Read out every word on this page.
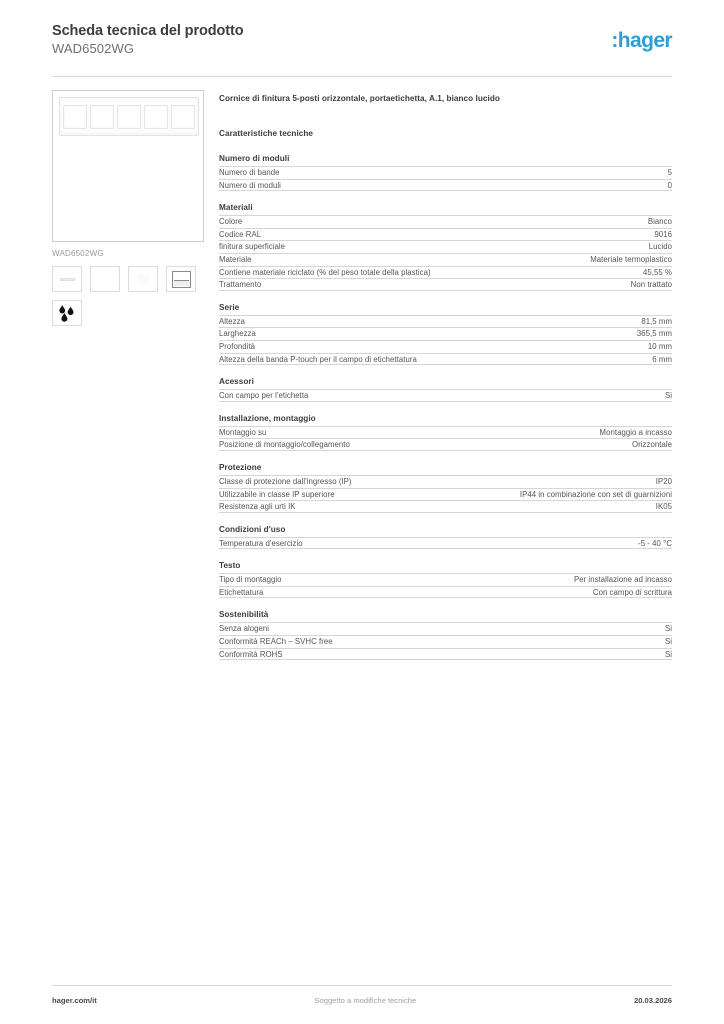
Scheda tecnica del prodotto
WAD6502WG	:hager
WAD6502WG
Cornice di finitura 5-posti orizzontale, portaetichetta, A.1, bianco lucido
Caratteristiche tecniche
Numero di moduli
Numero di bande	5
Numero di moduli	0
Materiali
Colore	Bianco
Codice RAL	9016
finitura superficiale	Lucido
Materiale	Materiale termoplastico
Contiene materiale riciclato (% del peso totale della plastica)	45,55 %
Trattamento	Non trattato
Serie
Altezza	81,5 mm
Larghezza	365,5 mm
Profondità	10 mm
Altezza della banda P-touch per il campo di etichettatura	6 mm
Acessori
Con campo per l'etichetta	Si
Installazione, montaggio
Montaggio su	Montaggio a incasso
Posizione di montaggio/collegamento	Orizzontale
Protezione
Classe di protezione dall'ingresso (IP)	IP20
Utilizzabile in classe IP superiore	IP44 in combinazione con set di guarnizioni
Resistenza agli urti IK	IK05
Condizioni d'uso
Temperatura d'esercizio	-5 - 40 °C
Testo
Tipo di montaggio	Per installazione ad incasso
Etichettatura	Con campo di scrittura
Sostenibilità
Senza alogeni	Si
Conformità REACh – SVHC free	Si
Conformità ROHS	Si
hager.com/it	Soggetto a modifiche tecniche	20.03.2026
